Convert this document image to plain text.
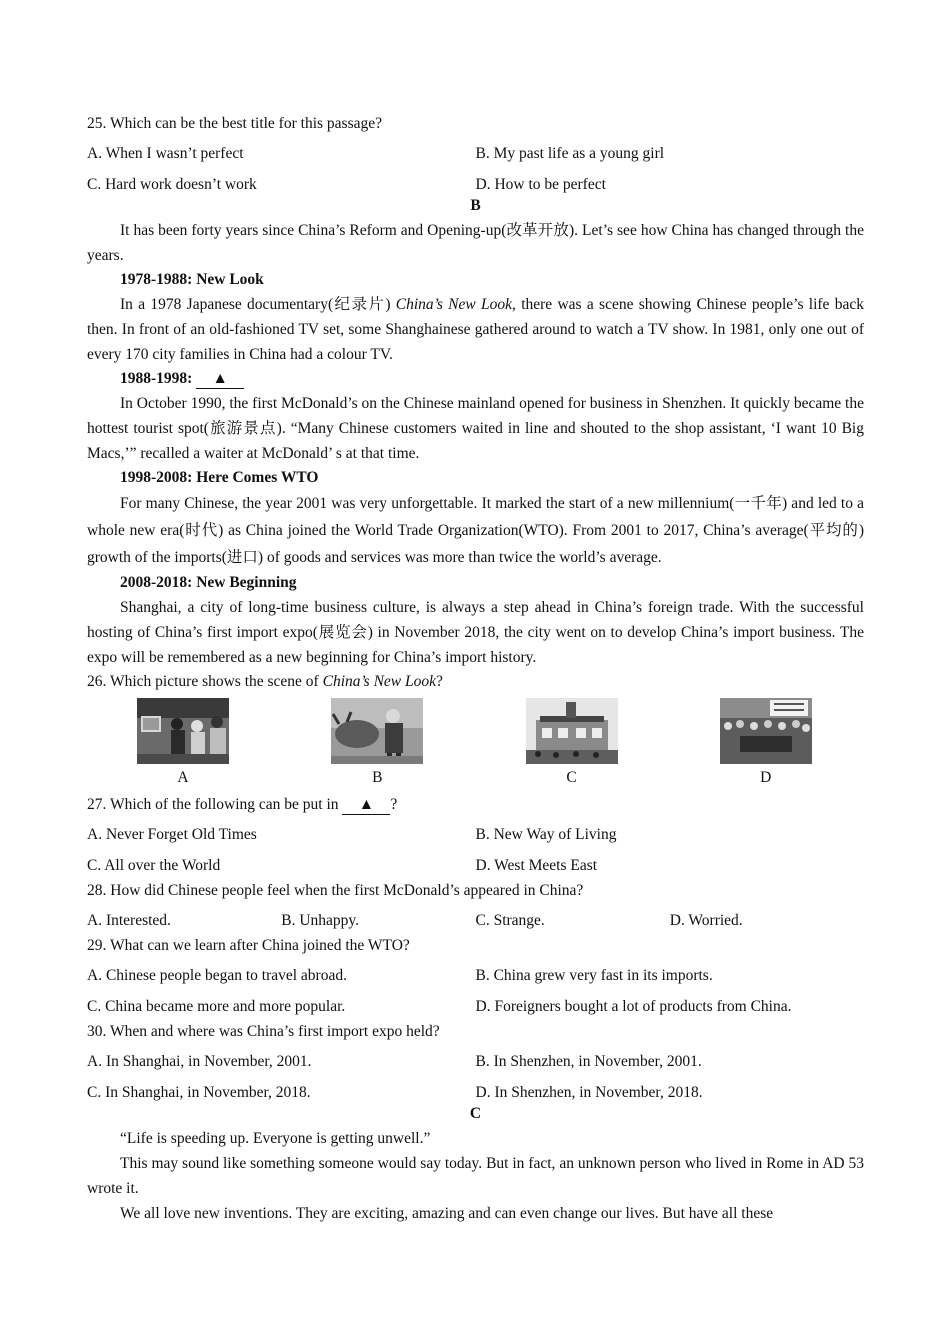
25. Which can be the best title for this passage?

A. When I wasn’t perfect	B. My past life as a young girl
C. Hard work doesn’t work	D. How to be perfect

B

It has been forty years since China’s Reform and Opening-up(改革开放). Let’s see how China has changed through the years.

1978-1988: New Look

In a 1978 Japanese documentary(纪录片) China’s New Look, there was a scene showing Chinese people’s life back then. In front of an old-fashioned TV set, some Shanghainese gathered around to watch a TV show. In 1981, only one out of every 170 city families in China had a colour TV.

1988-1998: ▲

In October 1990, the first McDonald’s on the Chinese mainland opened for business in Shenzhen. It quickly became the hottest tourist spot(旅游景点). “Many Chinese customers waited in line and shouted to the shop assistant, ‘I want 10 Big Macs,’” recalled a waiter at McDonald’ s at that time.

1998-2008: Here Comes WTO

For many Chinese, the year 2001 was very unforgettable. It marked the start of a new millennium(一千年) and led to a whole new era(时代) as China joined the World Trade Organization(WTO). From 2001 to 2017, China’s average(平均的) growth of the imports(进口) of goods and services was more than twice the world’s average.

2008-2018: New Beginning

Shanghai, a city of long-time business culture, is always a step ahead in China’s foreign trade. With the successful hosting of China’s first import expo(展览会) in November 2018, the city went on to develop China’s import business. The expo will be remembered as a new beginning for China’s import history.

26. Which picture shows the scene of China’s New Look?

A	B	C	D

27. Which of the following can be put in ▲ ?

A. Never Forget Old Times	B. New Way of Living
C. All over the World	D. West Meets East

28. How did Chinese people feel when the first McDonald’s appeared in China?

A. Interested.	B. Unhappy.	C. Strange.	D. Worried.

29. What can we learn after China joined the WTO?

A. Chinese people began to travel abroad.	B. China grew very fast in its imports.
C. China became more and more popular.	D. Foreigners bought a lot of products from China.

30. When and where was China’s first import expo held?

A. In Shanghai, in November, 2001.	B. In Shenzhen, in November, 2001.
C. In Shanghai, in November, 2018.	D. In Shenzhen, in November, 2018.

C

“Life is speeding up. Everyone is getting unwell.”

This may sound like something someone would say today. But in fact, an unknown person who lived in Rome in AD 53 wrote it.

We all love new inventions. They are exciting, amazing and can even change our lives. But have all these
